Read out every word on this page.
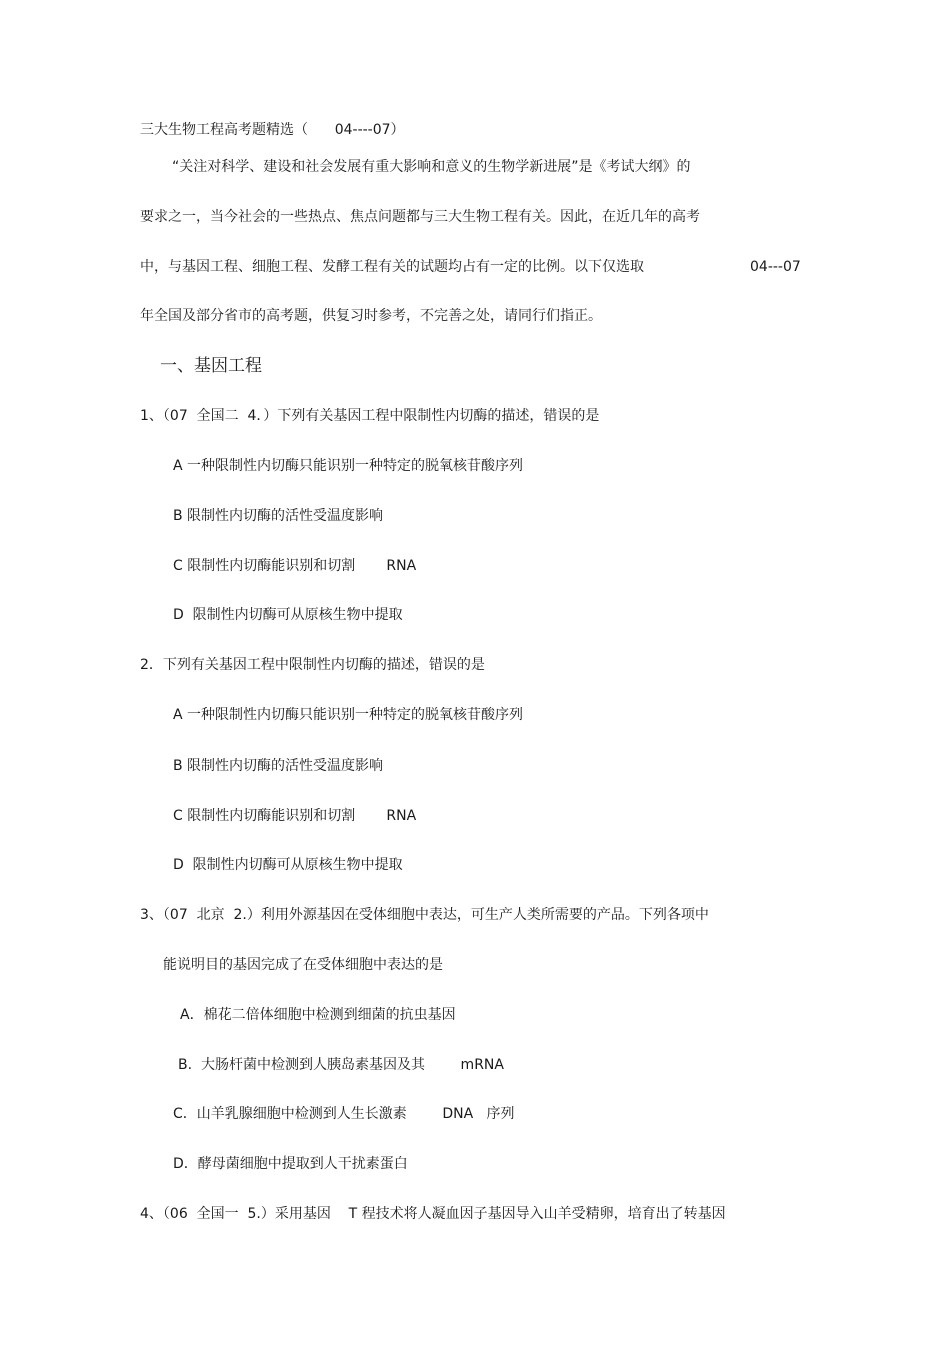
三大生物工程高考题精选（      04----07）
“关注对科学、建设和社会发展有重大影响和意义的生物学新进展”是《考试大纲》的
要求之一，当今社会的一些热点、焦点问题都与三大生物工程有关。因此，在近几年的高考
中，与基因工程、细胞工程、发酵工程有关的试题均占有一定的比例。以下仅选取	04---07
年全国及部分省市的高考题，供复习时参考，不完善之处，请同行们指正。
一、基因工程
1、（07  全国二  4．）下列有关基因工程中限制性内切酶的描述，错误的是
A 一种限制性内切酶只能识别一种特定的脱氧核苷酸序列
B 限制性内切酶的活性受温度影响
C 限制性内切酶能识别和切割       RNA
D  限制性内切酶可从原核生物中提取
2．下列有关基因工程中限制性内切酶的描述，错误的是
A 一种限制性内切酶只能识别一种特定的脱氧核苷酸序列
B 限制性内切酶的活性受温度影响
C 限制性内切酶能识别和切割       RNA
D  限制性内切酶可从原核生物中提取
3、（07  北京  2.）利用外源基因在受体细胞中表达，可生产人类所需要的产品。下列各项中
能说明目的基因完成了在受体细胞中表达的是
A．棉花二倍体细胞中检测到细菌的抗虫基因
B.  大肠杆菌中检测到人胰岛素基因及其        mRNA
C．山羊乳腺细胞中检测到人生长激素        DNA   序列
D．酵母菌细胞中提取到人干扰素蛋白
4、（06  全国一  5.）采用基因    T 程技术将人凝血因子基因导入山羊受精卵，培育出了转基因
